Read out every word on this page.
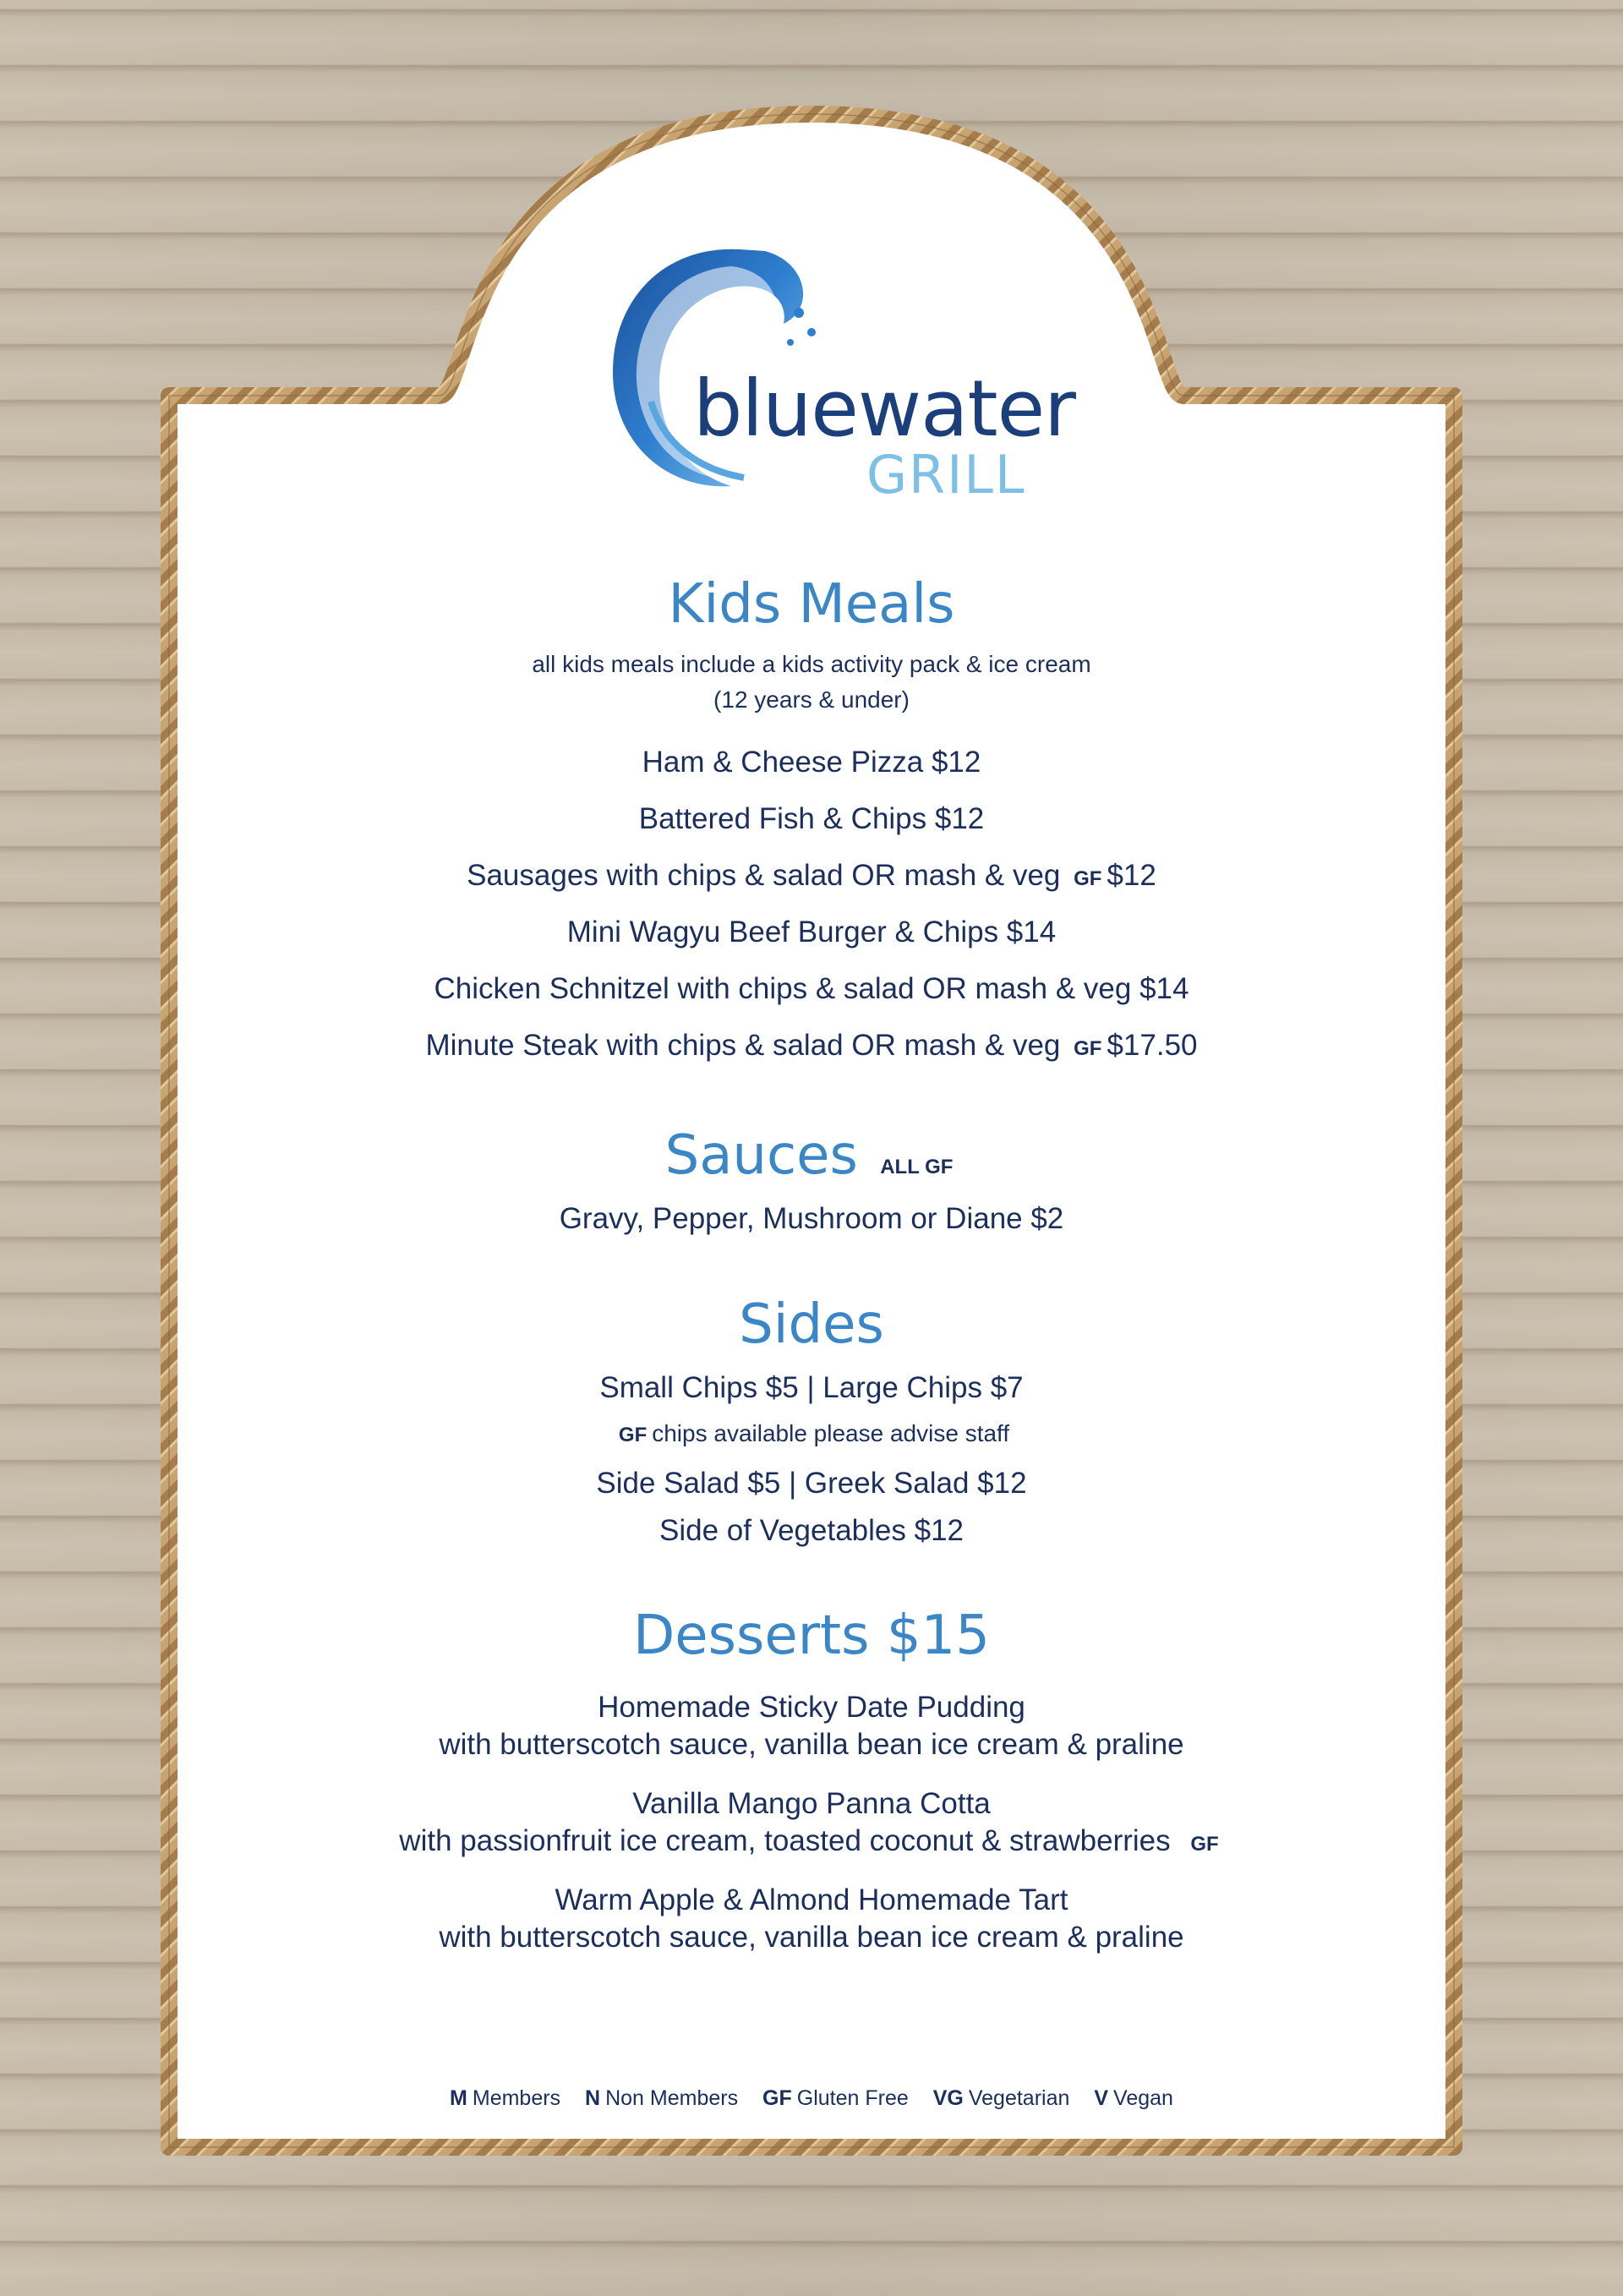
bluewater
GRILL
Kids Meals
all kids meals include a kids activity pack & ice cream
(12 years & under)
Ham & Cheese Pizza $12
Battered Fish & Chips $12
Sausages with chips & salad OR mash & veg GF $12
Mini Wagyu Beef Burger & Chips $14
Chicken Schnitzel with chips & salad OR mash & veg $14
Minute Steak with chips & salad OR mash & veg GF $17.50
Sauces ALL GF
Gravy, Pepper, Mushroom or Diane $2
Sides
Small Chips $5 | Large Chips $7
GF chips available please advise staff
Side Salad $5 | Greek Salad $12
Side of Vegetables $12
Desserts $15
Homemade Sticky Date Pudding
with butterscotch sauce, vanilla bean ice cream & praline
Vanilla Mango Panna Cotta
with passionfruit ice cream, toasted coconut & strawberries GF
Warm Apple & Almond Homemade Tart
with butterscotch sauce, vanilla bean ice cream & praline
M Members N Non Members GF Gluten Free VG Vegetarian V Vegan
